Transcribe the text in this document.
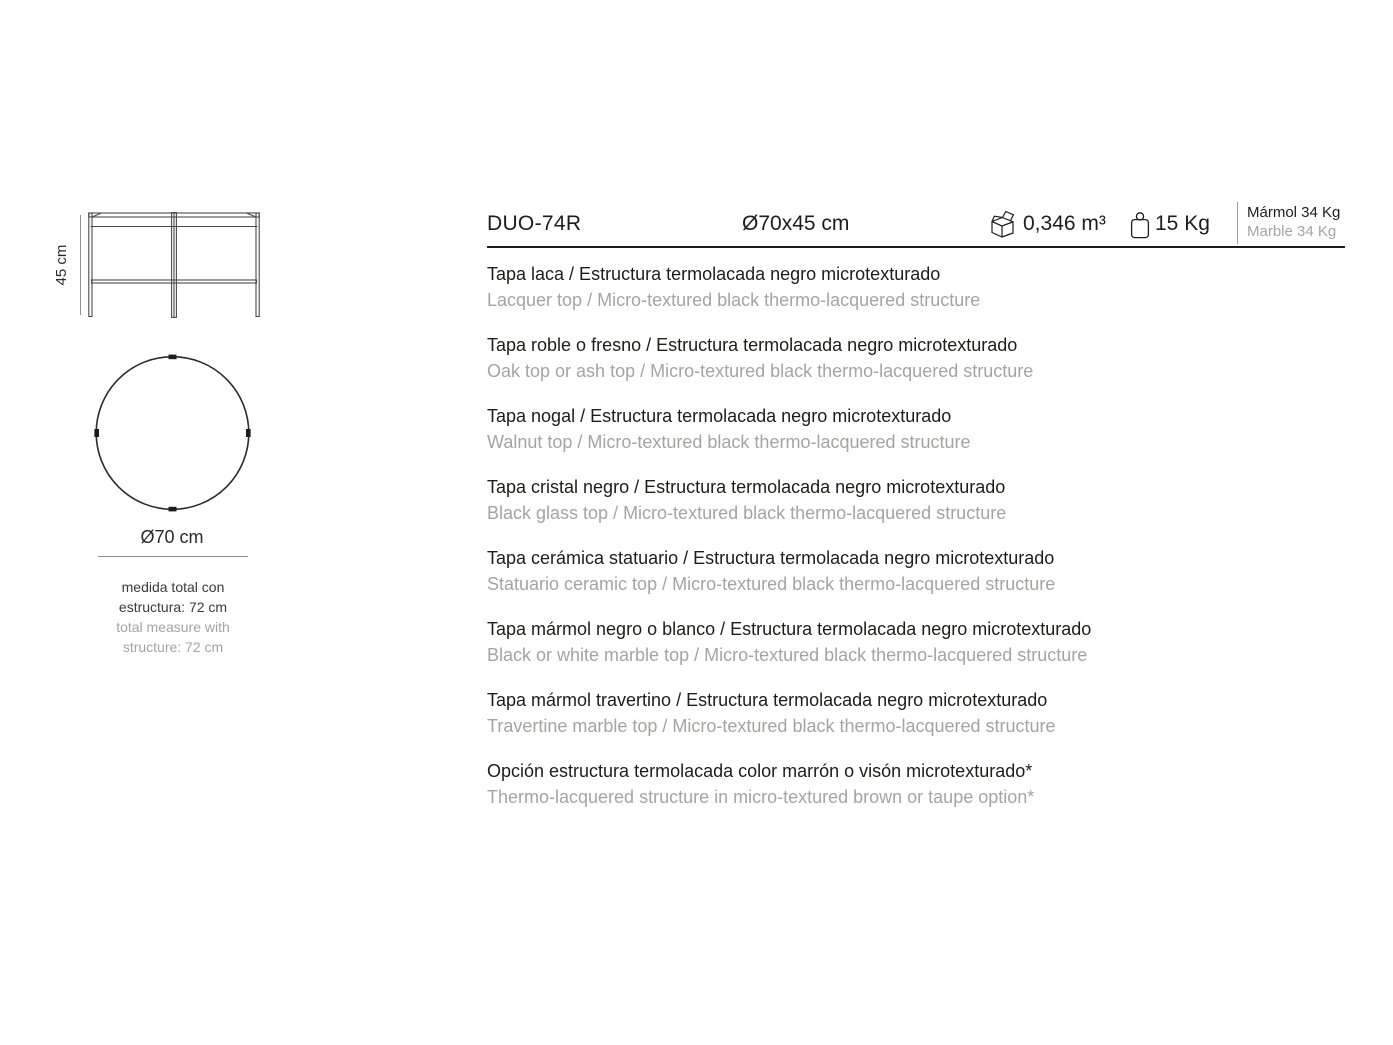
45 cm
Ø70 cm
medida total con estructura: 72 cm
total measure with structure: 72 cm
DUO-74R	Ø70x45 cm	0,346 m³ 15 Kg Mármol 34 Kg
Marble 34 Kg
Tapa laca / Estructura termolacada negro microtexturado
Lacquer top / Micro-textured black thermo-lacquered structure
Tapa roble o fresno / Estructura termolacada negro microtexturado
Oak top or ash top / Micro-textured black thermo-lacquered structure
Tapa nogal / Estructura termolacada negro microtexturado
Walnut top / Micro-textured black thermo-lacquered structure
Tapa cristal negro / Estructura termolacada negro microtexturado
Black glass top / Micro-textured black thermo-lacquered structure
Tapa cerámica statuario / Estructura termolacada negro microtexturado
Statuario ceramic top / Micro-textured black thermo-lacquered structure
Tapa mármol negro o blanco / Estructura termolacada negro microtexturado
Black or white marble top / Micro-textured black thermo-lacquered structure
Tapa mármol travertino / Estructura termolacada negro microtexturado
Travertine marble top / Micro-textured black thermo-lacquered structure
Opción estructura termolacada color marrón o visón microtexturado*
Thermo-lacquered structure in micro-textured brown or taupe option*
